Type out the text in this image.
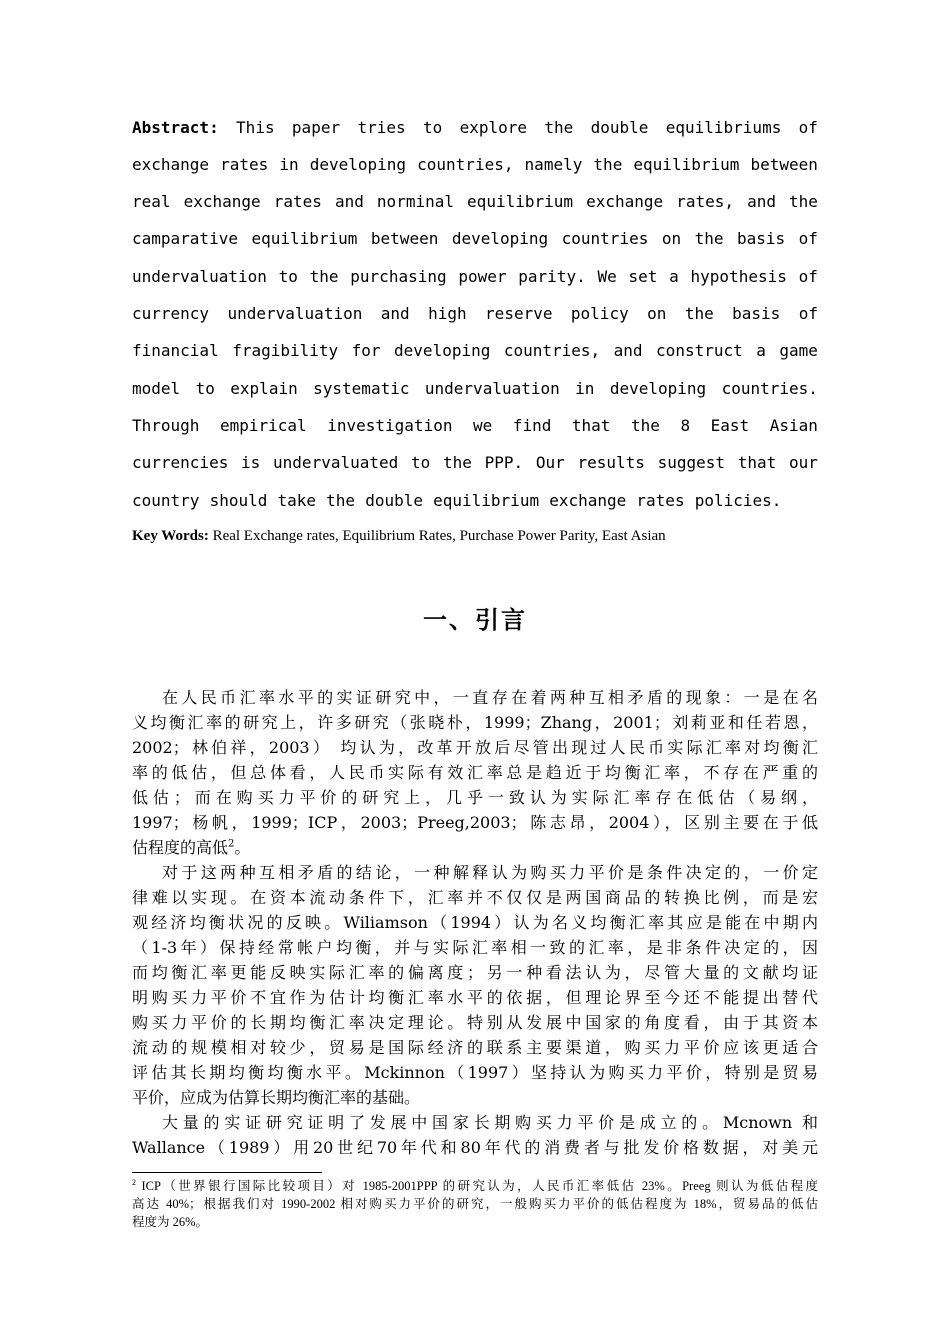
Abstract: This paper tries to explore the double equilibriums of
exchange rates in developing countries, namely the equilibrium between
real exchange rates and norminal equilibrium exchange rates, and the
camparative equilibrium between developing countries on the basis of
undervaluation to the purchasing power parity. We set a hypothesis of
currency undervaluation and high reserve policy on the basis of
financial fragibility for developing countries, and construct a game
model to explain systematic undervaluation in developing countries.
Through empirical investigation we find that the 8 East Asian
currencies is undervaluated to the PPP. Our results suggest that our
country should take the double equilibrium exchange rates policies.
Key Words: Real Exchange rates, Equilibrium Rates, Purchase Power Parity, East Asian
一、引言
在人民币汇率水平的实证研究中，一直存在着两种互相矛盾的现象：一是在名
义均衡汇率的研究上，许多研究（张晓朴，1999；Zhang，2001；刘莉亚和任若恩，
2002；林伯祥，2003） 均认为，改革开放后尽管出现过人民币实际汇率对均衡汇
率的低估，但总体看，人民币实际有效汇率总是趋近于均衡汇率，不存在严重的
低估；而在购买力平价的研究上，几乎一致认为实际汇率存在低估（易纲，
1997；杨帆，1999；ICP，2003；Preeg,2003；陈志昂，2004），区别主要在于低
估程度的高低$^2$。
对于这两种互相矛盾的结论，一种解释认为购买力平价是条件决定的，一价定
律难以实现。在资本流动条件下，汇率并不仅仅是两国商品的转换比例，而是宏
观经济均衡状况的反映。Wiliamson（1994）认为名义均衡汇率其应是能在中期内
（1-3年）保持经常帐户均衡，并与实际汇率相一致的汇率，是非条件决定的，因
而均衡汇率更能反映实际汇率的偏离度；另一种看法认为，尽管大量的文献均证
明购买力平价不宜作为估计均衡汇率水平的依据，但理论界至今还不能提出替代
购买力平价的长期均衡汇率决定理论。特别从发展中国家的角度看，由于其资本
流动的规模相对较少，贸易是国际经济的联系主要渠道，购买力平价应该更适合
评估其长期均衡均衡水平。Mckinnon（1997）坚持认为购买力平价，特别是贸易
平价，应成为估算长期均衡汇率的基础。
大量的实证研究证明了发展中国家长期购买力平价是成立的。Mcnown 和
Wallance（1989）用20世纪70年代和80年代的消费者与批发价格数据，对美元
$^2$ ICP（世界银行国际比较项目）对 1985-2001PPP 的研究认为，人民币汇率低估 23%。Preeg 则认为低估程度
高达 40%；根据我们对 1990-2002 相对购买力平价的研究，一般购买力平价的低估程度为 18%，贸易品的低估
程度为 26%。
